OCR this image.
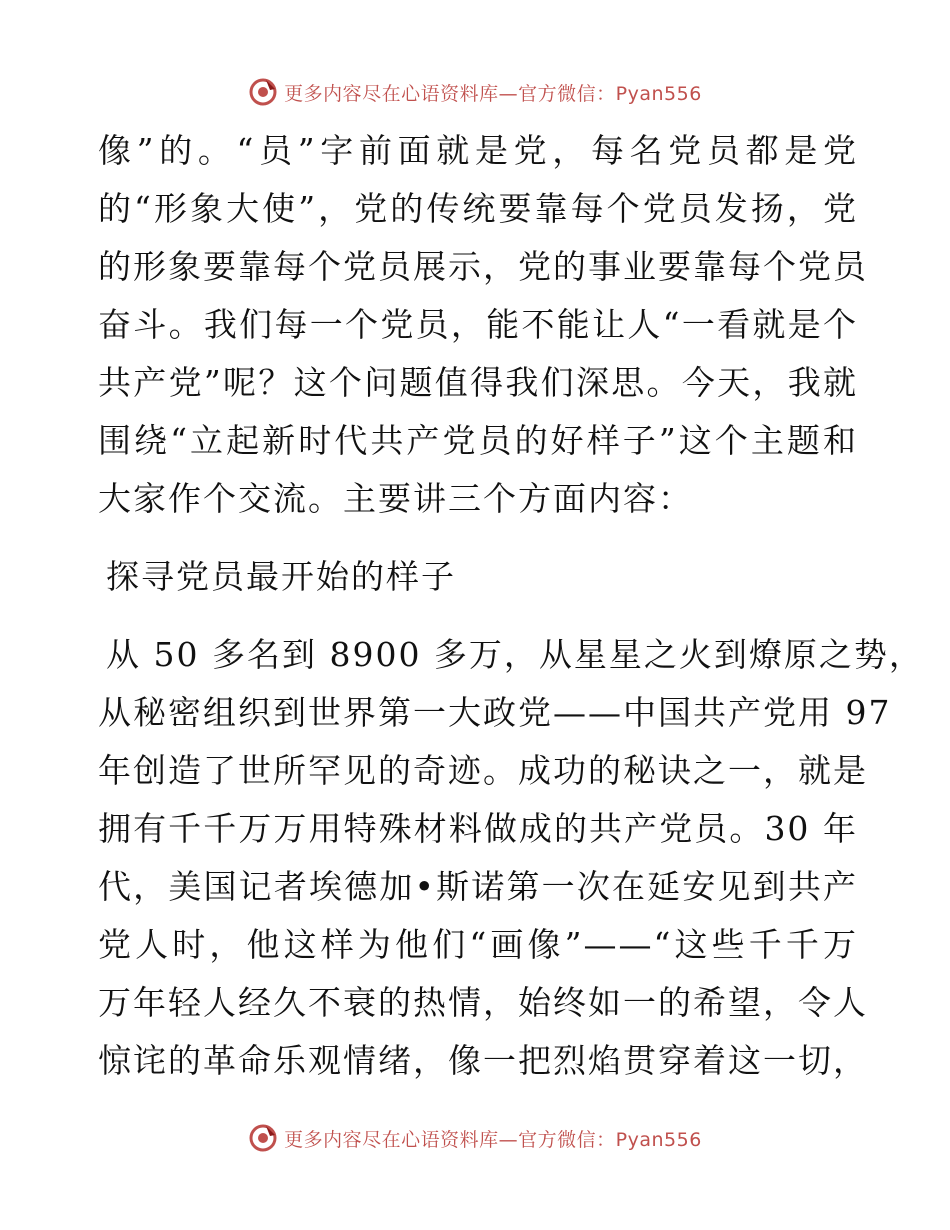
更多内容尽在心语资料库—官方微信：Pyan556
像”的。“员”字前面就是党，每名党员都是党
的“形象大使”，党的传统要靠每个党员发扬，党
的形象要靠每个党员展示，党的事业要靠每个党员
奋斗。我们每一个党员，能不能让人“一看就是个
共产党”呢？这个问题值得我们深思。今天，我就
围绕“立起新时代共产党员的好样子”这个主题和
大家作个交流。主要讲三个方面内容：
探寻党员最开始的样子
从 50 多名到 8900 多万，从星星之火到燎原之势，
从秘密组织到世界第一大政党——中国共产党用 97
年创造了世所罕见的奇迹。成功的秘诀之一，就是
拥有千千万万用特殊材料做成的共产党员。30 年
代，美国记者埃德加•斯诺第一次在延安见到共产
党人时，他这样为他们“画像”——“这些千千万
万年轻人经久不衰的热情，始终如一的希望，令人
惊诧的革命乐观情绪，像一把烈焰贯穿着这一切，
更多内容尽在心语资料库—官方微信：Pyan556
